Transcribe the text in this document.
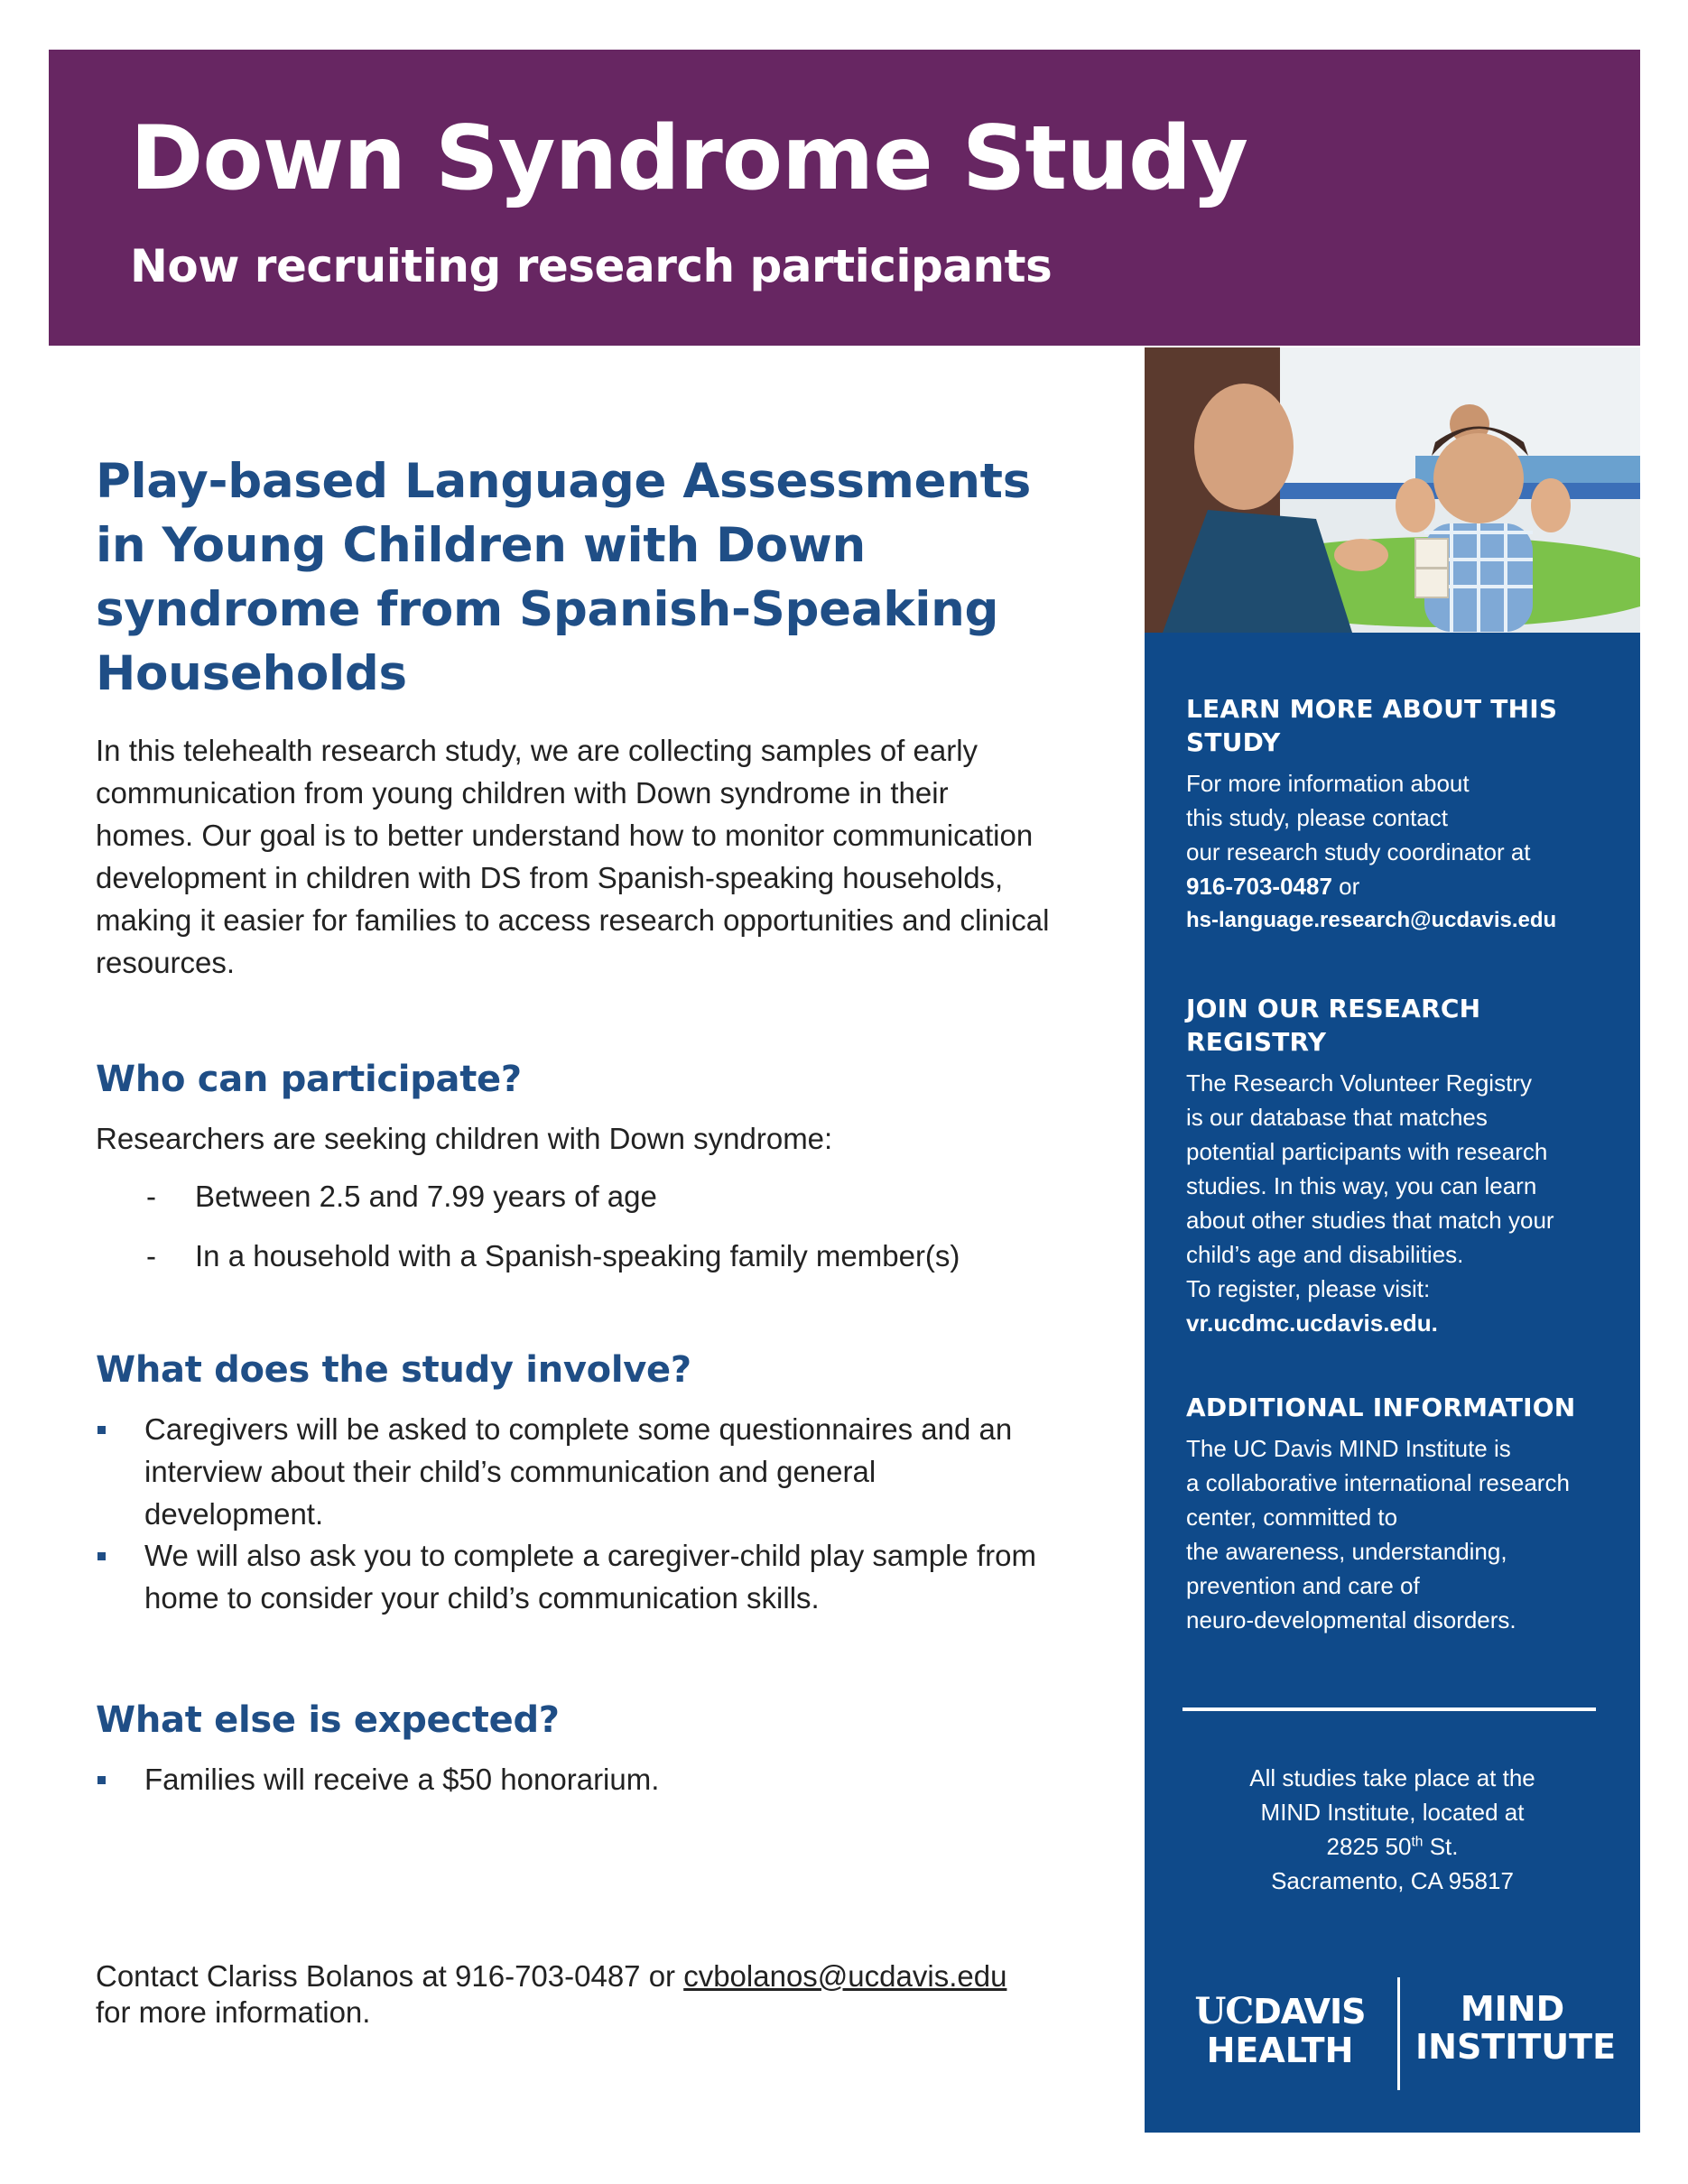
Down Syndrome Study
Now recruiting research participants
LEARN MORE ABOUT THIS
STUDY

For more information about
this study, please contact
our research study coordinator at
916-703-0487 or
hs-language.research@ucdavis.edu

JOIN OUR RESEARCH
REGISTRY

The Research Volunteer Registry
is our database that matches
potential participants with research
studies. In this way, you can learn
about other studies that match your
child’s age and disabilities.
To register, please visit:
vr.ucdmc.ucdavis.edu.

ADDITIONAL INFORMATION

The UC Davis MIND Institute is
a collaborative international research
center, committed to
the awareness, understanding,
prevention and care of
neuro-developmental disorders.

All studies take place at the
MIND Institute, located at
2825 50th St.
Sacramento, CA 95817
UCDAVIS
HEALTH
MIND
INSTITUTE
Play-based Language Assessments
in Young Children with Down
syndrome from Spanish-Speaking
Households

In this telehealth research study, we are collecting samples of early
communication from young children with Down syndrome in their
homes. Our goal is to better understand how to monitor communication
development in children with DS from Spanish-speaking households,
making it easier for families to access research opportunities and clinical
resources.

Who can participate?

Researchers are seeking children with Down syndrome:

- Between 2.5 and 7.99 years of age

- In a household with a Spanish-speaking family member(s)

What does the study involve?

Caregivers will be asked to complete some questionnaires and an
interview about their child’s communication and general
development.

We will also ask you to complete a caregiver-child play sample from
home to consider your child’s communication skills.

What else is expected?

Families will receive a $50 honorarium.

Contact Clariss Bolanos at 916-703-0487 or cvbolanos@ucdavis.edu
for more information.
